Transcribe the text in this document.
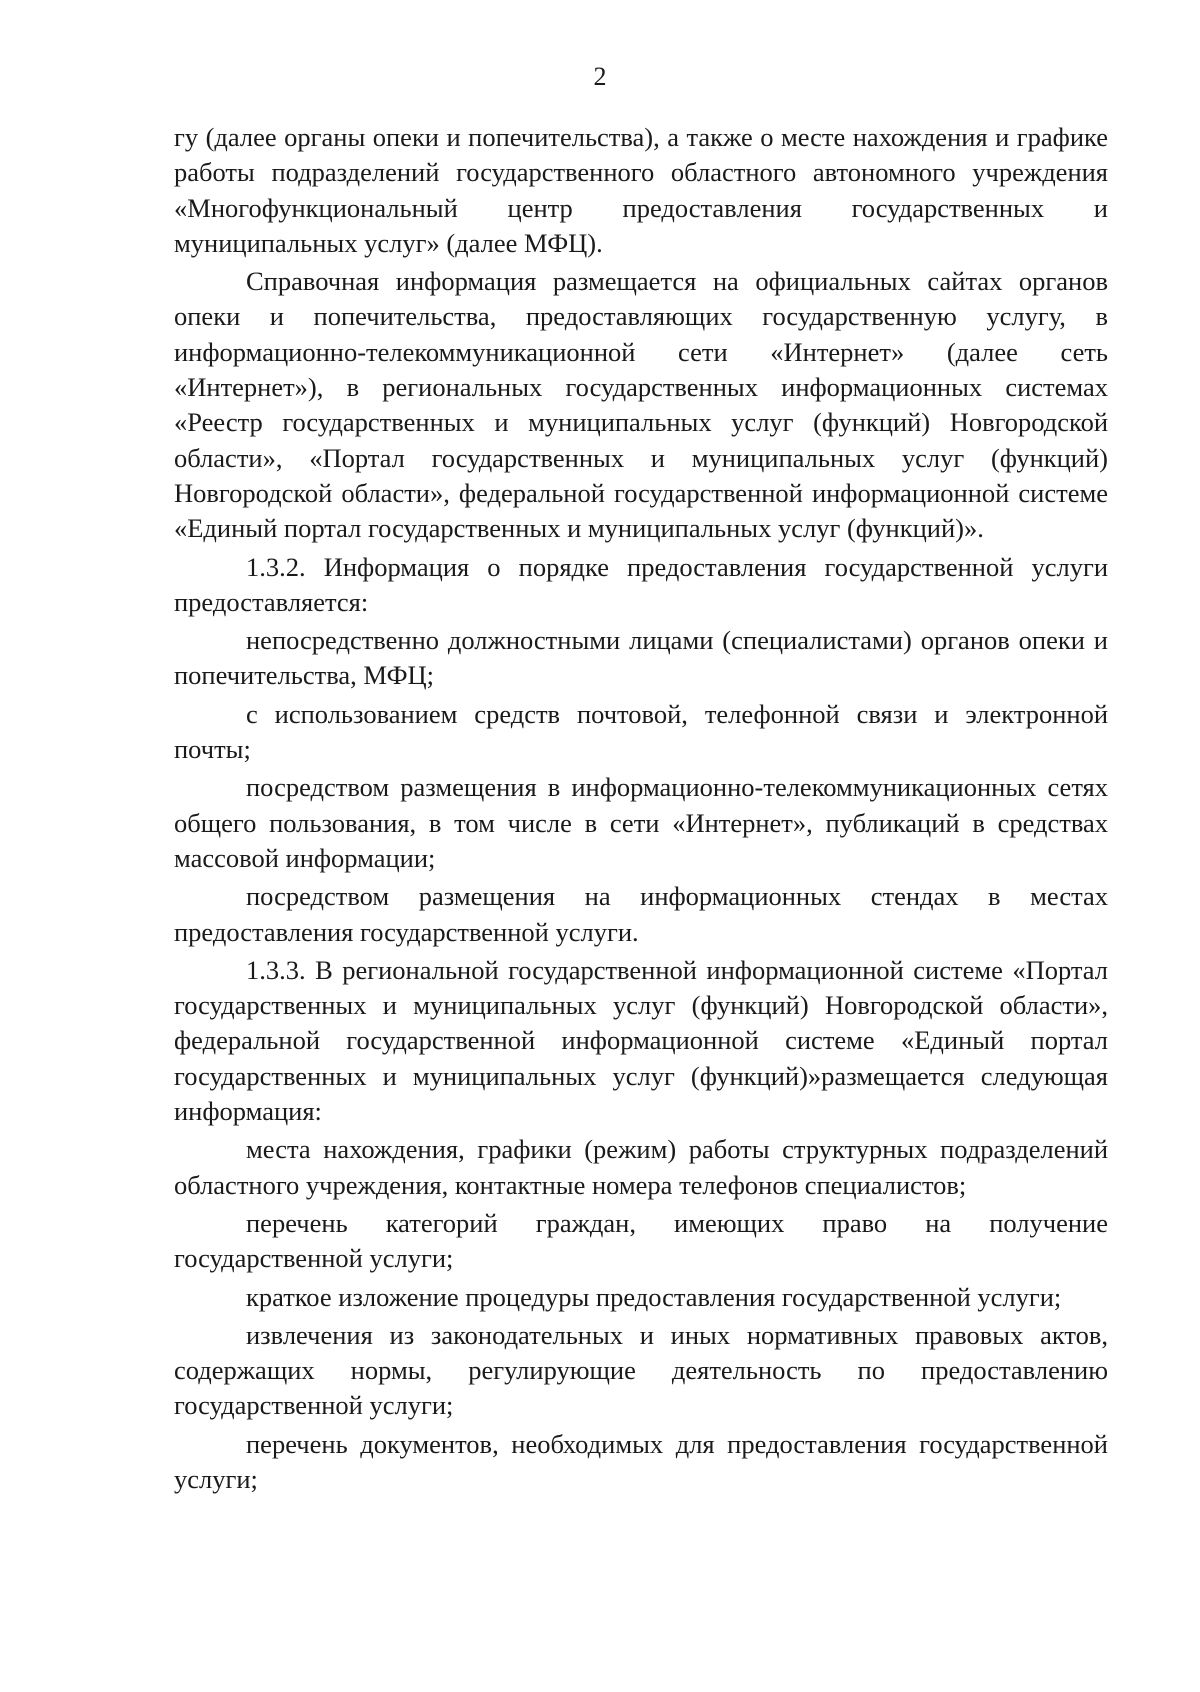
2

гу (далее органы опеки и попечительства), а также о месте нахождения и графике работы подразделений государственного областного автономного учреждения «Многофункциональный центр предоставления государственных и муниципальных услуг» (далее МФЦ).

Справочная информация размещается на официальных сайтах органов опеки и попечительства, предоставляющих государственную услугу, в информационно-телекоммуникационной сети «Интернет» (далее сеть «Интернет»), в региональных государственных информационных системах «Реестр государственных и муниципальных услуг (функций) Новгородской области», «Портал государственных и муниципальных услуг (функций) Новгородской области», федеральной государственной информационной системе «Единый портал государственных и муниципальных услуг (функций)».

1.3.2. Информация о порядке предоставления государственной услуги предоставляется:

непосредственно должностными лицами (специалистами) органов опеки и попечительства, МФЦ;

с использованием средств почтовой, телефонной связи и электронной почты;

посредством размещения в информационно-телекоммуникационных сетях общего пользования, в том числе в сети «Интернет», публикаций в средствах массовой информации;

посредством размещения на информационных стендах в местах предоставления государственной услуги.

1.3.3. В региональной государственной информационной системе «Портал государственных и муниципальных услуг (функций) Новгородской области», федеральной государственной информационной системе «Единый портал государственных и муниципальных услуг (функций)»размещается следующая информация:

места нахождения, графики (режим) работы структурных подразделений областного учреждения, контактные номера телефонов специалистов;

перечень категорий граждан, имеющих право на получение государственной услуги;

краткое изложение процедуры предоставления государственной услуги;

извлечения из законодательных и иных нормативных правовых актов, содержащих нормы, регулирующие деятельность по предоставлению государственной услуги;

перечень документов, необходимых для предоставления государственной услуги;
